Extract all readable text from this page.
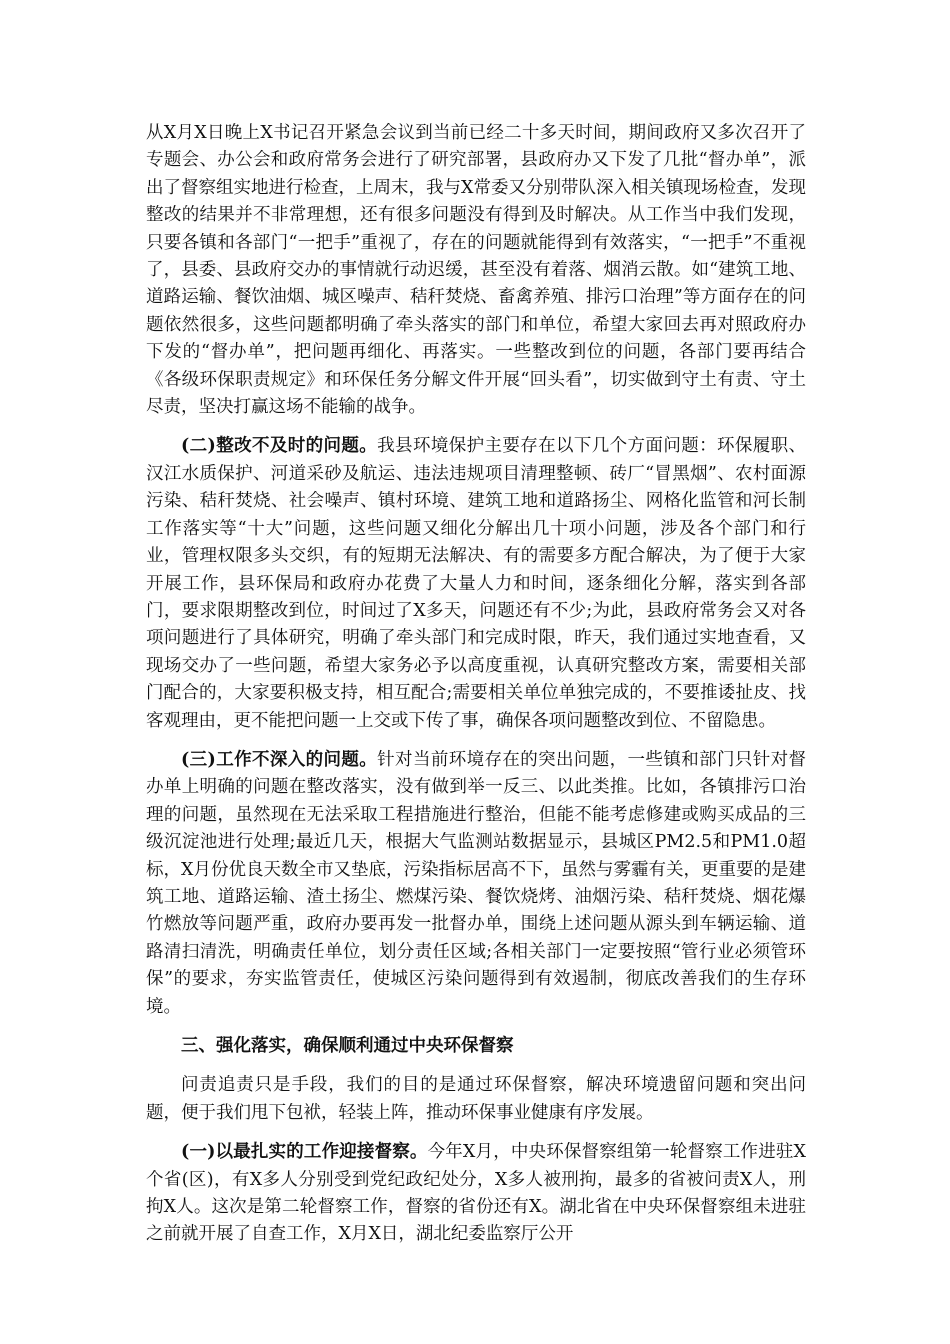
从X月X日晚上X书记召开紧急会议到当前已经二十多天时间，期间政府又多次召开了专题会、办公会和政府常务会进行了研究部署，县政府办又下发了几批“督办单”，派出了督察组实地进行检查，上周末，我与X常委又分别带队深入相关镇现场检查，发现整改的结果并不非常理想，还有很多问题没有得到及时解决。从工作当中我们发现，只要各镇和各部门“一把手”重视了，存在的问题就能得到有效落实，“一把手”不重视了，县委、县政府交办的事情就行动迟缓，甚至没有着落、烟消云散。如“建筑工地、道路运输、餐饮油烟、城区噪声、秸秆焚烧、畜禽养殖、排污口治理”等方面存在的问题依然很多，这些问题都明确了牵头落实的部门和单位，希望大家回去再对照政府办下发的“督办单”，把问题再细化、再落实。一些整改到位的问题，各部门要再结合《各级环保职责规定》和环保任务分解文件开展“回头看”，切实做到守土有责、守土尽责，坚决打赢这场不能输的战争。

(二)整改不及时的问题。我县环境保护主要存在以下几个方面问题：环保履职、汉江水质保护、河道采砂及航运、违法违规项目清理整顿、砖厂“冒黑烟”、农村面源污染、秸秆焚烧、社会噪声、镇村环境、建筑工地和道路扬尘、网格化监管和河长制工作落实等“十大”问题，这些问题又细化分解出几十项小问题，涉及各个部门和行业，管理权限多头交织，有的短期无法解决、有的需要多方配合解决，为了便于大家开展工作，县环保局和政府办花费了大量人力和时间，逐条细化分解，落实到各部门，要求限期整改到位，时间过了X多天，问题还有不少;为此，县政府常务会又对各项问题进行了具体研究，明确了牵头部门和完成时限，昨天，我们通过实地查看，又现场交办了一些问题，希望大家务必予以高度重视，认真研究整改方案，需要相关部门配合的，大家要积极支持，相互配合;需要相关单位单独完成的，不要推诿扯皮、找客观理由，更不能把问题一上交或下传了事，确保各项问题整改到位、不留隐患。

(三)工作不深入的问题。针对当前环境存在的突出问题，一些镇和部门只针对督办单上明确的问题在整改落实，没有做到举一反三、以此类推。比如，各镇排污口治理的问题，虽然现在无法采取工程措施进行整治，但能不能考虑修建或购买成品的三级沉淀池进行处理;最近几天，根据大气监测站数据显示，县城区PM2.5和PM1.0超标，X月份优良天数全市又垫底，污染指标居高不下，虽然与雾霾有关，更重要的是建筑工地、道路运输、渣土扬尘、燃煤污染、餐饮烧烤、油烟污染、秸秆焚烧、烟花爆竹燃放等问题严重，政府办要再发一批督办单，围绕上述问题从源头到车辆运输、道路清扫清洗，明确责任单位，划分责任区域;各相关部门一定要按照“管行业必须管环保”的要求，夯实监管责任，使城区污染问题得到有效遏制，彻底改善我们的生存环境。

三、强化落实，确保顺利通过中央环保督察

问责追责只是手段，我们的目的是通过环保督察，解决环境遗留问题和突出问题，便于我们甩下包袱，轻装上阵，推动环保事业健康有序发展。

(一)以最扎实的工作迎接督察。今年X月，中央环保督察组第一轮督察工作进驻X个省(区)，有X多人分别受到党纪政纪处分，X多人被刑拘，最多的省被问责X人，刑拘X人。这次是第二轮督察工作，督察的省份还有X。湖北省在中央环保督察组未进驻之前就开展了自查工作，X月X日，湖北纪委监察厅公开
